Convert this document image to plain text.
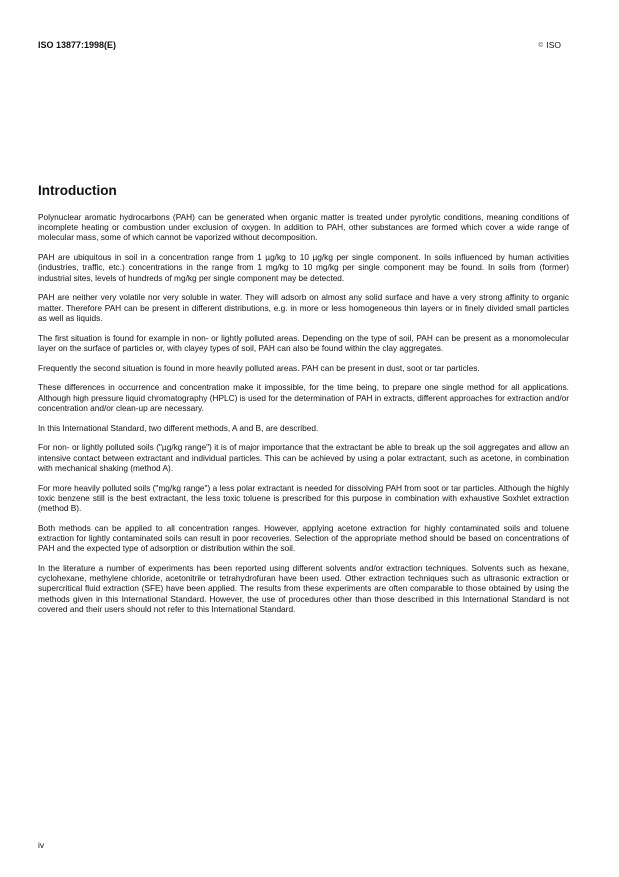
ISO 13877:1998(E)	© ISO
Introduction

Polynuclear aromatic hydrocarbons (PAH) can be generated when organic matter is treated under pyrolytic conditions, meaning conditions of incomplete heating or combustion under exclusion of oxygen. In addition to PAH, other substances are formed which cover a wide range of molecular mass, some of which cannot be vaporized without decomposition.

PAH are ubiquitous in soil in a concentration range from 1 µg/kg to 10 µg/kg per single component. In soils influenced by human activities (industries, traffic, etc.) concentrations in the range from 1 mg/kg to 10 mg/kg per single component may be found. In soils from (former) industrial sites, levels of hundreds of mg/kg per single component may be detected.

PAH are neither very volatile nor very soluble in water. They will adsorb on almost any solid surface and have a very strong affinity to organic matter. Therefore PAH can be present in different distributions, e.g. in more or less homogeneous thin layers or in finely divided small particles as well as liquids.

The first situation is found for example in non- or lightly polluted areas. Depending on the type of soil, PAH can be present as a monomolecular layer on the surface of particles or, with clayey types of soil, PAH can also be found within the clay aggregates.

Frequently the second situation is found in more heavily polluted areas. PAH can be present in dust, soot or tar particles.

These differences in occurrence and concentration make it impossible, for the time being, to prepare one single method for all applications. Although high pressure liquid chromatography (HPLC) is used for the determination of PAH in extracts, different approaches for extraction and/or concentration and/or clean-up are necessary.

In this International Standard, two different methods, A and B, are described.

For non- or lightly polluted soils ("µg/kg range") it is of major importance that the extractant be able to break up the soil aggregates and allow an intensive contact between extractant and individual particles. This can be achieved by using a polar extractant, such as acetone, in combination with mechanical shaking (method A).

For more heavily polluted soils ("mg/kg range") a less polar extractant is needed for dissolving PAH from soot or tar particles. Although the highly toxic benzene still is the best extractant, the less toxic toluene is prescribed for this purpose in combination with exhaustive Soxhlet extraction (method B).

Both methods can be applied to all concentration ranges. However, applying acetone extraction for highly contaminated soils and toluene extraction for lightly contaminated soils can result in poor recoveries. Selection of the appropriate method should be based on concentrations of PAH and the expected type of adsorption or distribution within the soil.

In the literature a number of experiments has been reported using different solvents and/or extraction techniques. Solvents such as hexane, cyclohexane, methylene chloride, acetonitrile or tetrahydrofuran have been used. Other extraction techniques such as ultrasonic extraction or supercritical fluid extraction (SFE) have been applied. The results from these experiments are often comparable to those obtained by using the methods given in this International Standard. However, the use of procedures other than those described in this International Standard is not covered and their users should not refer to this International Standard.

iv
